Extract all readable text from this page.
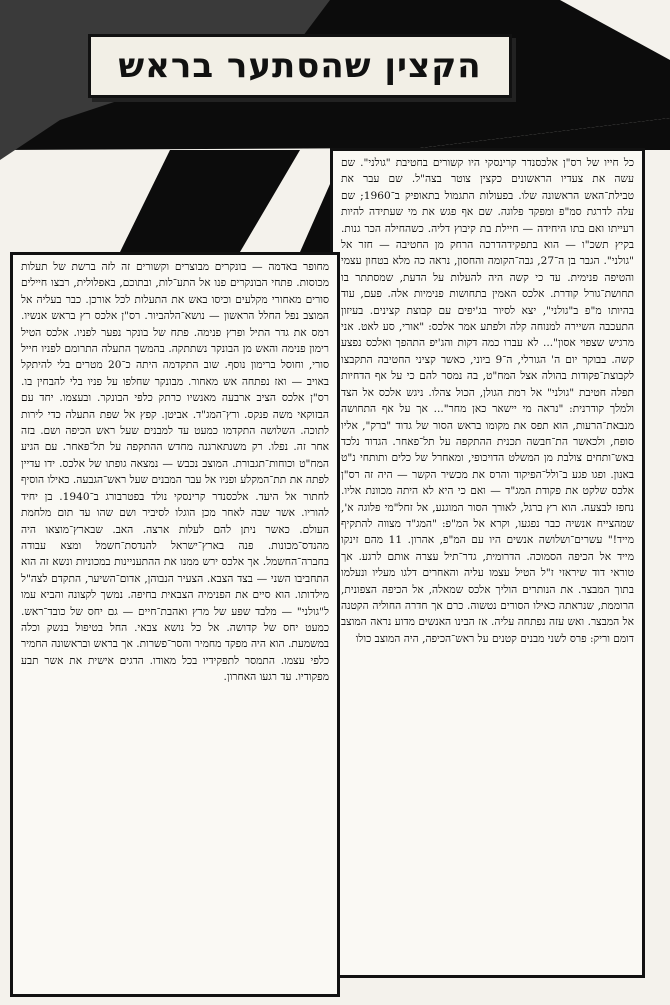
הקצין שהסתער בראש

כל חייו של רס"ן אלכסנדר קרינסקי היו קשורים בחטיבת "גולני". שם עשה את צעדיו הראשונים כקצין צוטר בצה"ל. שם עבר את טבילת־האש הראשונה שלו. בפעולות התגמול בתאופיק ב־1960; שם עלה לדרגת סמ"פ ומפקד פלוגה. שם אף פגש את מי שעתידה להיות רעייתו ואם בתו היחידה — חיילת בת קיבוץ דליה. כשהחילה הכר גנות. בקיץ תשכ"ו — הוא בתפקידהדרכה הרחק מן החטיבה — חזר אל "גולני". הגבר בן ה־27, גבה־הקומה והחסון, נראה כה מלא בטחון עצמי והטיפה פנימית. עד כי קשה היה להעלות על הדעת, שמסתתר בו תחושת־גורל קודרת. אלכס האמין בתחושות פנימיות אלה. פעם, עוד בהיותו מ"פ ב"גולני", יצא לסיור בג'יפים עם קבוצת קצינים. בעיזון התעכבה השיירה למנוחה קלה ולפתע אמר אלכס: "אורי, סע לאט. אני מרגיש שצפוי אסון"... לא עברו כמה דקות והג'יפ התהפך ואלכס נפצע קשה. בבוקר יום ה' הגורלי, ה־9 ביוני, כאשר קציני החטיבה התקבצו לקבוצת־פקודות בהולה אצל המח"ט, בה נמסר להם כי על אף הדחיות תפלה חטיבת "גולני" אל רמת הגולן, הכול צהלו. ניגש אלכס אל הצד ולמלך קודרנית: "נראה מי יישאר כאן מחר"... אך על אף התחושה מנבאת־הרעות, הוא תפס את מקומו בראש הסור של גדוד "ברק", אליו סופח, ולכאשר הת־חבשה תכנית ההתקפה על תל־פאחר. הגדוד נלכד באש־ותחים צולבת מן המשלט הדויכופי, ומאחרל של כלים ותותחי נ"ט באנון. ופגו פגע ב־ולל־הפיקוד והרס את מכשיר הקשר — היה זה רס"ן אלכס שלקט את פקודת המג"ד — ואם כי היא לא היתה מכוונת אליו. נחפז לבצעה. הוא רץ ברגל, לאורך הסור המוגנע, אל זחל"מי פלוגה א', שמהצייח אנשיה כבר נפגעו, וקרא אל המ"פ: "המג"ד מצווה להתקיף מייד!" עשרים־ושלושה אנשים היו עם המ"פ, אהרון. 11 מהם זינקו מייד אל הכיפה הסמוכה. הדרומית, גדר־תיל עצרה אותם לרגע. אך טוראי דוד שיראזי ז"ל הטיל עצמו עליה והאחרים דלגו מעליו ונעלמו בתוך המבצר. את הנותרים הוליך אלכס שמאלה, אל הכיפה הצפונית, הרוממת, שנראתה כאילו הסורים נטשוה. כרם אך חדרה החוליה הקטנה אל המבצר. ואש עזה נפתחה עליה. אז הבינו האנשים מדוע נראה המוצב דומם וריק: פרס לשני מבנים קטנים על ראש־הכיפה, היה המוצב כולו

מחופר באדמה — בונקרים מבוצרים וקשורים זה לזה ברשת של תעלות מכוסות. פתחי הבונקרים פנו אל התע־לות, ובתוכם, באפלולית, רבצו חיילים סורים מאחורי מקלעים וכיסו באש את התעלות לכל אורכן. כבר בעליה אל המוצב נפל החלל הראשון — נושא־הלהביור. רס"ן אלכס רץ בראש אנשיו. רמס את גדר התיל ופרץ פנימה. פתח של בונקר נפער לפניו. אלכס הטיל רימון פנימה והאש מן הבונקר נשתתקה. בהמשך התעלה התרומם לפניו חייל סורי, וחוסל ברימון נוסף. שוב התקדמה היתה כ־20 מטרים בלי להיתקל באויב — ואז נפתחה אש מאחור. מבונקר שחלפו על פניו בלי להבחין בו. רס"ן אלכס הציב ארבעה מאנשיו כרתק כלפי הבונקר. ובעצמו. יחד עם הבזוקאי משה פנקס. ורץ־המג"ד. אביטן. קפץ אל שפת התעלה כדי לירות לתוכה. השלושה התקדמו כמעט עד למבנים שעל ראש הכיפה ושם. בזה אחר זה. נפלו. רק משנתארגנה מחדש ההתקפה על תל־פאחר. עם הגיע המח"ט וכוחות־תגבורת. המוצב נכבש — נמצאה גופתו של אלכס. ידו עדיין לפתה את תת־המקלע ופניו אל עבר המבנים שעל ראש־הגבעה. כאילו הוסיף לחתור אל היעד. אלכסנדר קרינסקי נולד בפטרבורג ב־1940. בן יחיד להוריו. אשר שבה לאחר מכן הוגלו לסיביר ושם שהו עד תום מלחמת העולם. כאשר ניתן להם לעלות ארצה. האב. שבארץ־מוצאו היה מהנדס־מכונות. פנה בארץ־ישראל להנדסת־חשמל ומצא עבודה בחברה־החשמל. אך אלכס ירש ממנו את ההתעניינות במכוניות ונשא זה הוא התחביבו השני — בצד הצבא. הצעיר הנבוהן, אדום־השיער, התקדם לצה"ל מילדותו. הוא סיים את הפנימיה הצבאית בחיפה. נמשך לקצונה והביא עמו ל"גולני" — מלבד שפע של מרץ ואהבת־חיים — גם יחס של כובד־ראש. כמעט יחס של קדושה. אל כל נושא צבאי. החל בטיפול בנשק וכלה במשמעת. הוא היה מפקד מחמיר והסר־פשרות. אך בראש ובראשונה החמיר כלפי עצמו. התמסר לתפקידיו בכל מאודו. הדגים אישית את אשר תבע מפקודיו. עד רגעו האחרון.
